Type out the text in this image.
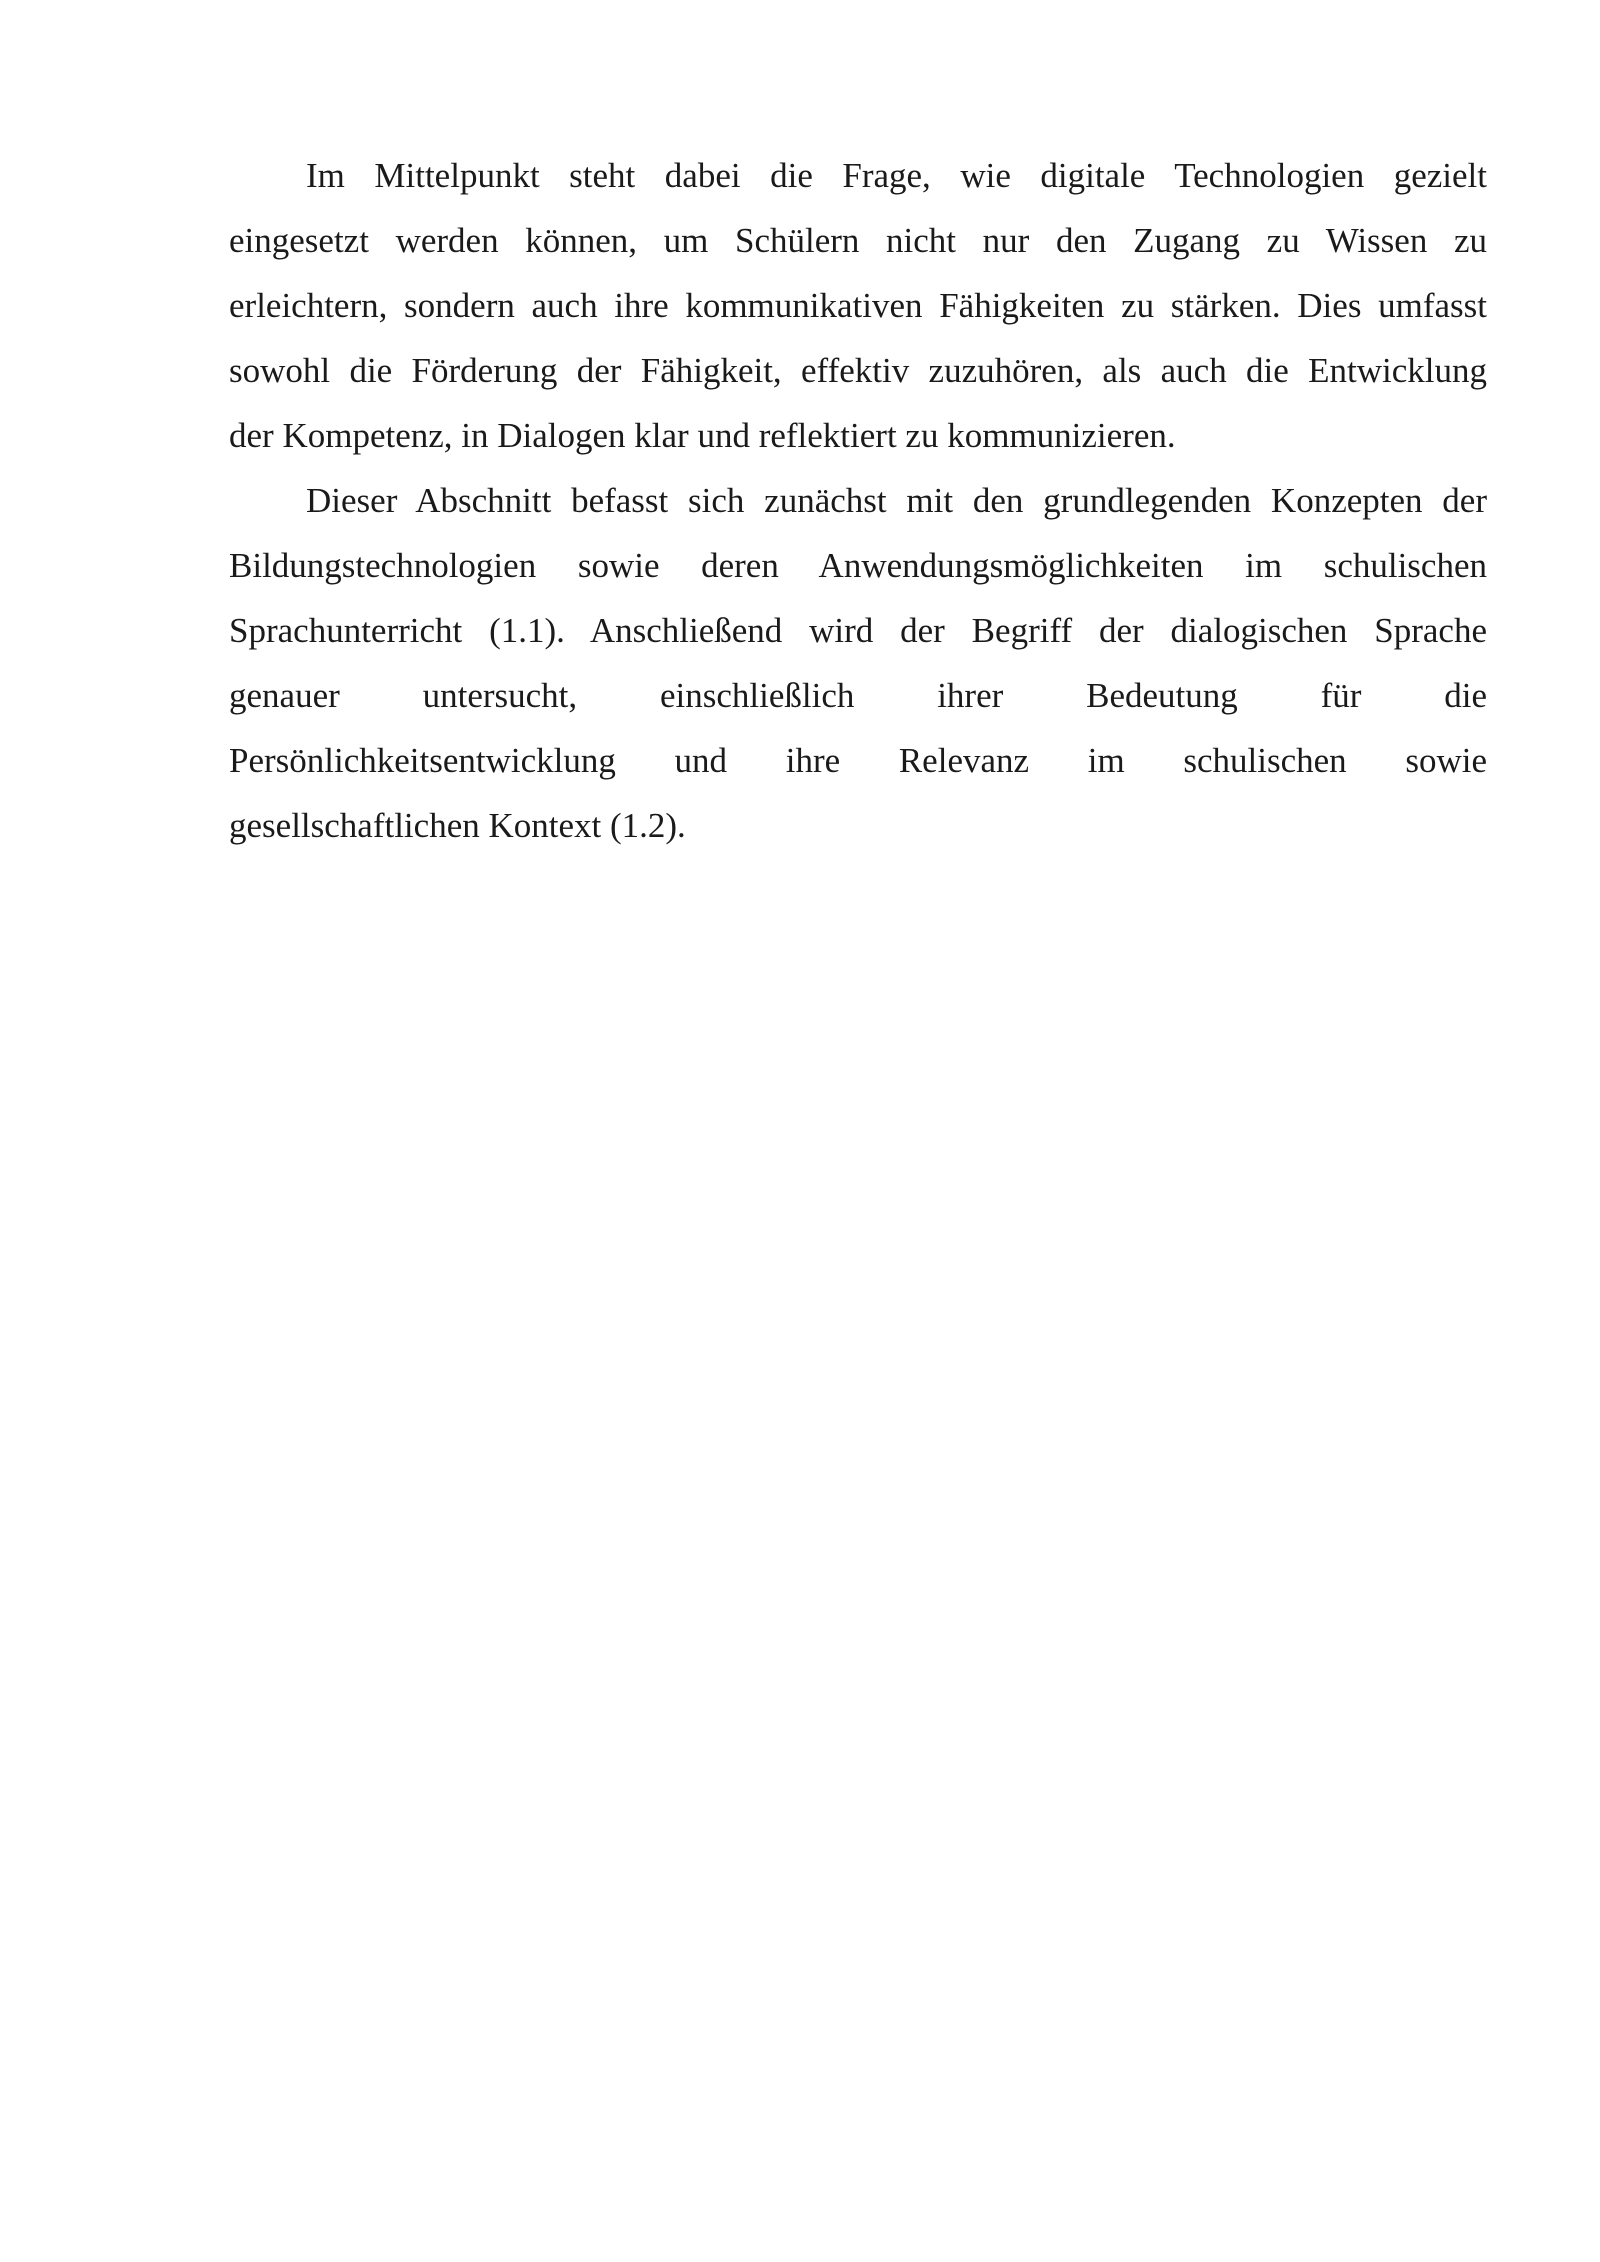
Im Mittelpunkt steht dabei die Frage, wie digitale Technologien gezielt
eingesetzt werden können, um Schülern nicht nur den Zugang zu Wissen zu
erleichtern, sondern auch ihre kommunikativen Fähigkeiten zu stärken. Dies umfasst
sowohl die Förderung der Fähigkeit, effektiv zuzuhören, als auch die Entwicklung
der Kompetenz, in Dialogen klar und reflektiert zu kommunizieren.

Dieser Abschnitt befasst sich zunächst mit den grundlegenden Konzepten der
Bildungstechnologien sowie deren Anwendungsmöglichkeiten im schulischen
Sprachunterricht (1.1). Anschließend wird der Begriff der dialogischen Sprache
genauer untersucht, einschließlich ihrer Bedeutung für die
Persönlichkeitsentwicklung und ihre Relevanz im schulischen sowie
gesellschaftlichen Kontext (1.2).
